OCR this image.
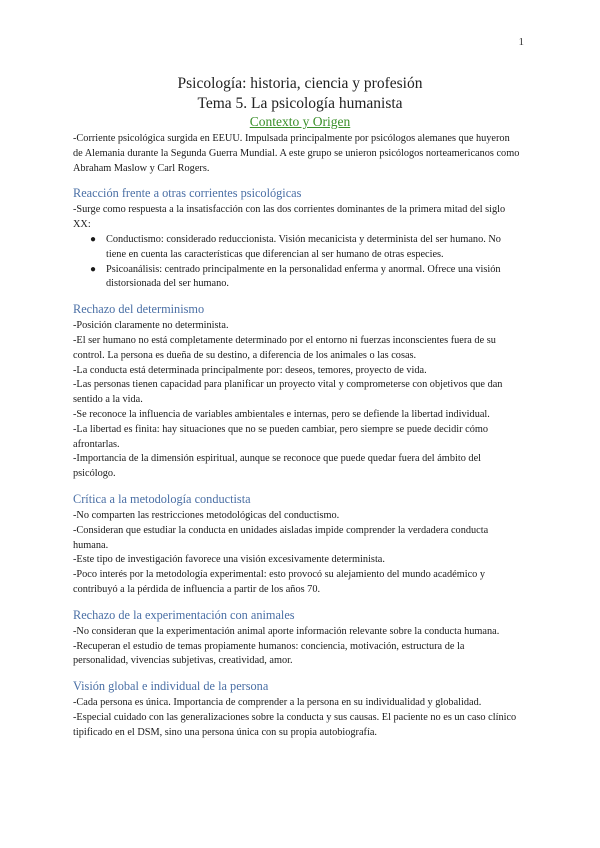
1
Psicología: historia, ciencia y profesión
Tema 5. La psicología humanista
Contexto y Origen

-Corriente psicológica surgida en EEUU. Impulsada principalmente por psicólogos alemanes que huyeron de Alemania durante la Segunda Guerra Mundial. A este grupo se unieron psicólogos norteamericanos como Abraham Maslow y Carl Rogers.

Reacción frente a otras corrientes psicológicas

-Surge como respuesta a la insatisfacción con las dos corrientes dominantes de la primera mitad del siglo XX:

● Conductismo: considerado reduccionista. Visión mecanicista y determinista del ser humano. No tiene en cuenta las características que diferencian al ser humano de otras especies.
● Psicoanálisis: centrado principalmente en la personalidad enferma y anormal. Ofrece una visión distorsionada del ser humano.
Rechazo del determinismo

-Posición claramente no determinista.

-El ser humano no está completamente determinado por el entorno ni fuerzas inconscientes fuera de su control. La persona es dueña de su destino, a diferencia de los animales o las cosas.

-La conducta está determinada principalmente por: deseos, temores, proyecto de vida.

-Las personas tienen capacidad para planificar un proyecto vital y comprometerse con objetivos que dan sentido a la vida.

-Se reconoce la influencia de variables ambientales e internas, pero se defiende la libertad individual.

-La libertad es finita: hay situaciones que no se pueden cambiar, pero siempre se puede decidir cómo afrontarlas.

-Importancia de la dimensión espiritual, aunque se reconoce que puede quedar fuera del ámbito del psicólogo.

Crítica a la metodología conductista

-No comparten las restricciones metodológicas del conductismo.

-Consideran que estudiar la conducta en unidades aisladas impide comprender la verdadera conducta humana.

-Este tipo de investigación favorece una visión excesivamente determinista.

-Poco interés por la metodología experimental: esto provocó su alejamiento del mundo académico y contribuyó a la pérdida de influencia a partir de los años 70.

Rechazo de la experimentación con animales

-No consideran que la experimentación animal aporte información relevante sobre la conducta humana.

-Recuperan el estudio de temas propiamente humanos: conciencia, motivación, estructura de la personalidad, vivencias subjetivas, creatividad, amor.

Visión global e individual de la persona

-Cada persona es única. Importancia de comprender a la persona en su individualidad y globalidad.

-Especial cuidado con las generalizaciones sobre la conducta y sus causas. El paciente no es un caso clínico tipificado en el DSM, sino una persona única con su propia autobiografía.
